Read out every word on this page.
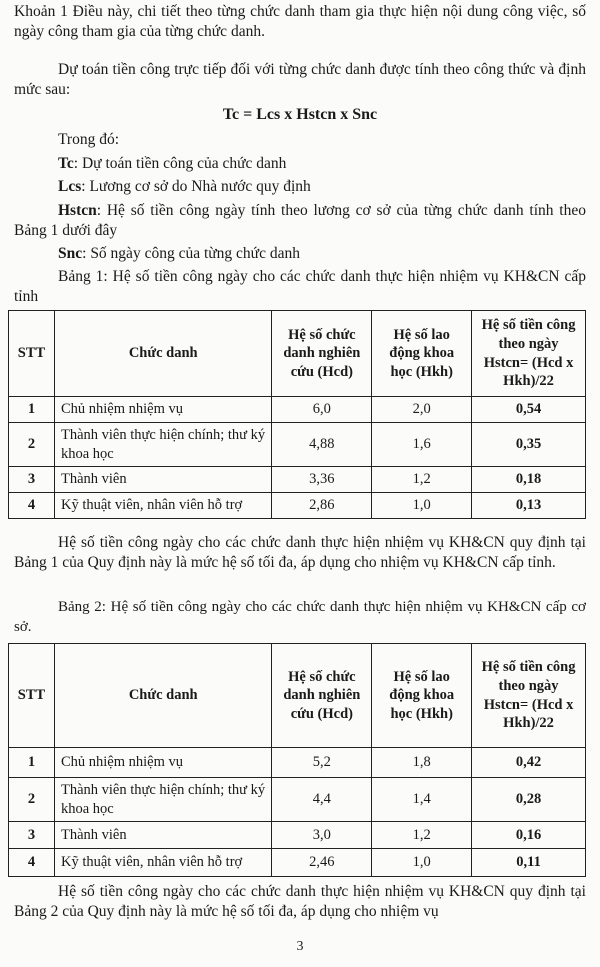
Khoản 1 Điều này, chi tiết theo từng chức danh tham gia thực hiện nội dung công việc, số ngày công tham gia của từng chức danh.

Dự toán tiền công trực tiếp đối với từng chức danh được tính theo công thức và định mức sau:

Tc = Lcs x Hstcn x Snc

Trong đó:

Tc: Dự toán tiền công của chức danh

Lcs: Lương cơ sở do Nhà nước quy định

Hstcn: Hệ số tiền công ngày tính theo lương cơ sở của từng chức danh tính theo Bảng 1 dưới đây

Snc: Số ngày công của từng chức danh

Bảng 1: Hệ số tiền công ngày cho các chức danh thực hiện nhiệm vụ KH&CN cấp tỉnh

STT	Chức danh	Hệ số chức danh nghiên cứu (Hcd)	Hệ số lao động khoa học (Hkh)	Hệ số tiền công theo ngày Hstcn= (Hcd x Hkh)/22
1	Chủ nhiệm nhiệm vụ	6,0	2,0	0,54
2	Thành viên thực hiện chính; thư ký khoa học	4,88	1,6	0,35
3	Thành viên	3,36	1,2	0,18
4	Kỹ thuật viên, nhân viên hỗ trợ	2,86	1,0	0,13

Hệ số tiền công ngày cho các chức danh thực hiện nhiệm vụ KH&CN quy định tại Bảng 1 của Quy định này là mức hệ số tối đa, áp dụng cho nhiệm vụ KH&CN cấp tỉnh.

Bảng 2: Hệ số tiền công ngày cho các chức danh thực hiện nhiệm vụ KH&CN cấp cơ sở.

STT	Chức danh	Hệ số chức danh nghiên cứu (Hcd)	Hệ số lao động khoa học (Hkh)	Hệ số tiền công theo ngày Hstcn= (Hcd x Hkh)/22
1	Chủ nhiệm nhiệm vụ	5,2	1,8	0,42
2	Thành viên thực hiện chính; thư ký khoa học	4,4	1,4	0,28
3	Thành viên	3,0	1,2	0,16
4	Kỹ thuật viên, nhân viên hỗ trợ	2,46	1,0	0,11

Hệ số tiền công ngày cho các chức danh thực hiện nhiệm vụ KH&CN quy định tại Bảng 2 của Quy định này là mức hệ số tối đa, áp dụng cho nhiệm vụ

3
